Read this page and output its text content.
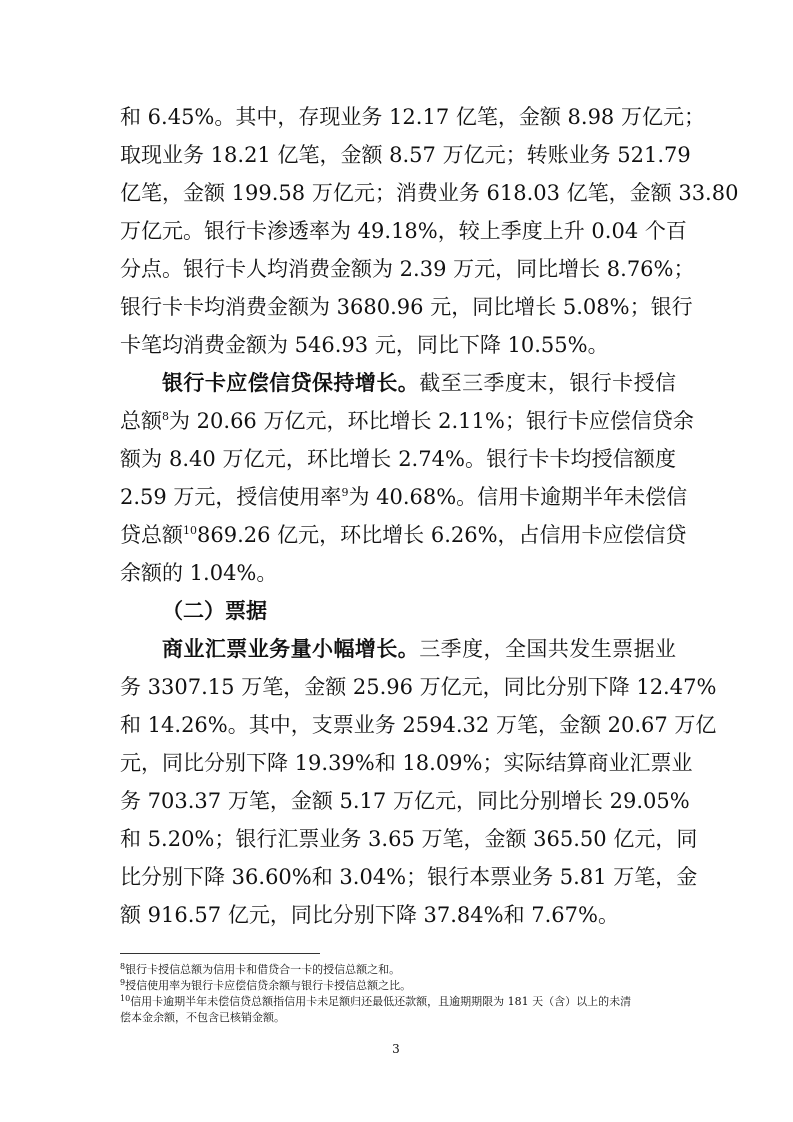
和 6.45%。其中，存现业务 12.17 亿笔，金额 8.98 万亿元；
取现业务 18.21 亿笔，金额 8.57 万亿元；转账业务 521.79
亿笔，金额 199.58 万亿元；消费业务 618.03 亿笔，金额 33.80
万亿元。银行卡渗透率为 49.18%，较上季度上升 0.04 个百
分点。银行卡人均消费金额为 2.39 万元，同比增长 8.76%；
银行卡卡均消费金额为 3680.96 元，同比增长 5.08%；银行
卡笔均消费金额为 546.93 元，同比下降 10.55%。
银行卡应偿信贷保持增长。截至三季度末，银行卡授信
总额$^8$为 20.66 万亿元，环比增长 2.11%；银行卡应偿信贷余
额为 8.40 万亿元，环比增长 2.74%。银行卡卡均授信额度
2.59 万元，授信使用率$^9$为 40.68%。信用卡逾期半年未偿信
贷总额$^{10}$869.26 亿元，环比增长 6.26%，占信用卡应偿信贷
余额的 1.04%。
（二）票据
商业汇票业务量小幅增长。三季度，全国共发生票据业
务 3307.15 万笔，金额 25.96 万亿元，同比分别下降 12.47%
和 14.26%。其中，支票业务 2594.32 万笔，金额 20.67 万亿
元，同比分别下降 19.39%和 18.09%；实际结算商业汇票业
务 703.37 万笔，金额 5.17 万亿元，同比分别增长 29.05%
和 5.20%；银行汇票业务 3.65 万笔，金额 365.50 亿元，同
比分别下降 36.60%和 3.04%；银行本票业务 5.81 万笔，金
额 916.57 亿元，同比分别下降 37.84%和 7.67%。
$^8$银行卡授信总额为信用卡和借贷合一卡的授信总额之和。
$^9$授信使用率为银行卡应偿信贷余额与银行卡授信总额之比。
$^{10}$信用卡逾期半年未偿信贷总额指信用卡未足额归还最低还款额，且逾期期限为 181 天（含）以上的未清
偿本金余额，不包含已核销金额。
3
